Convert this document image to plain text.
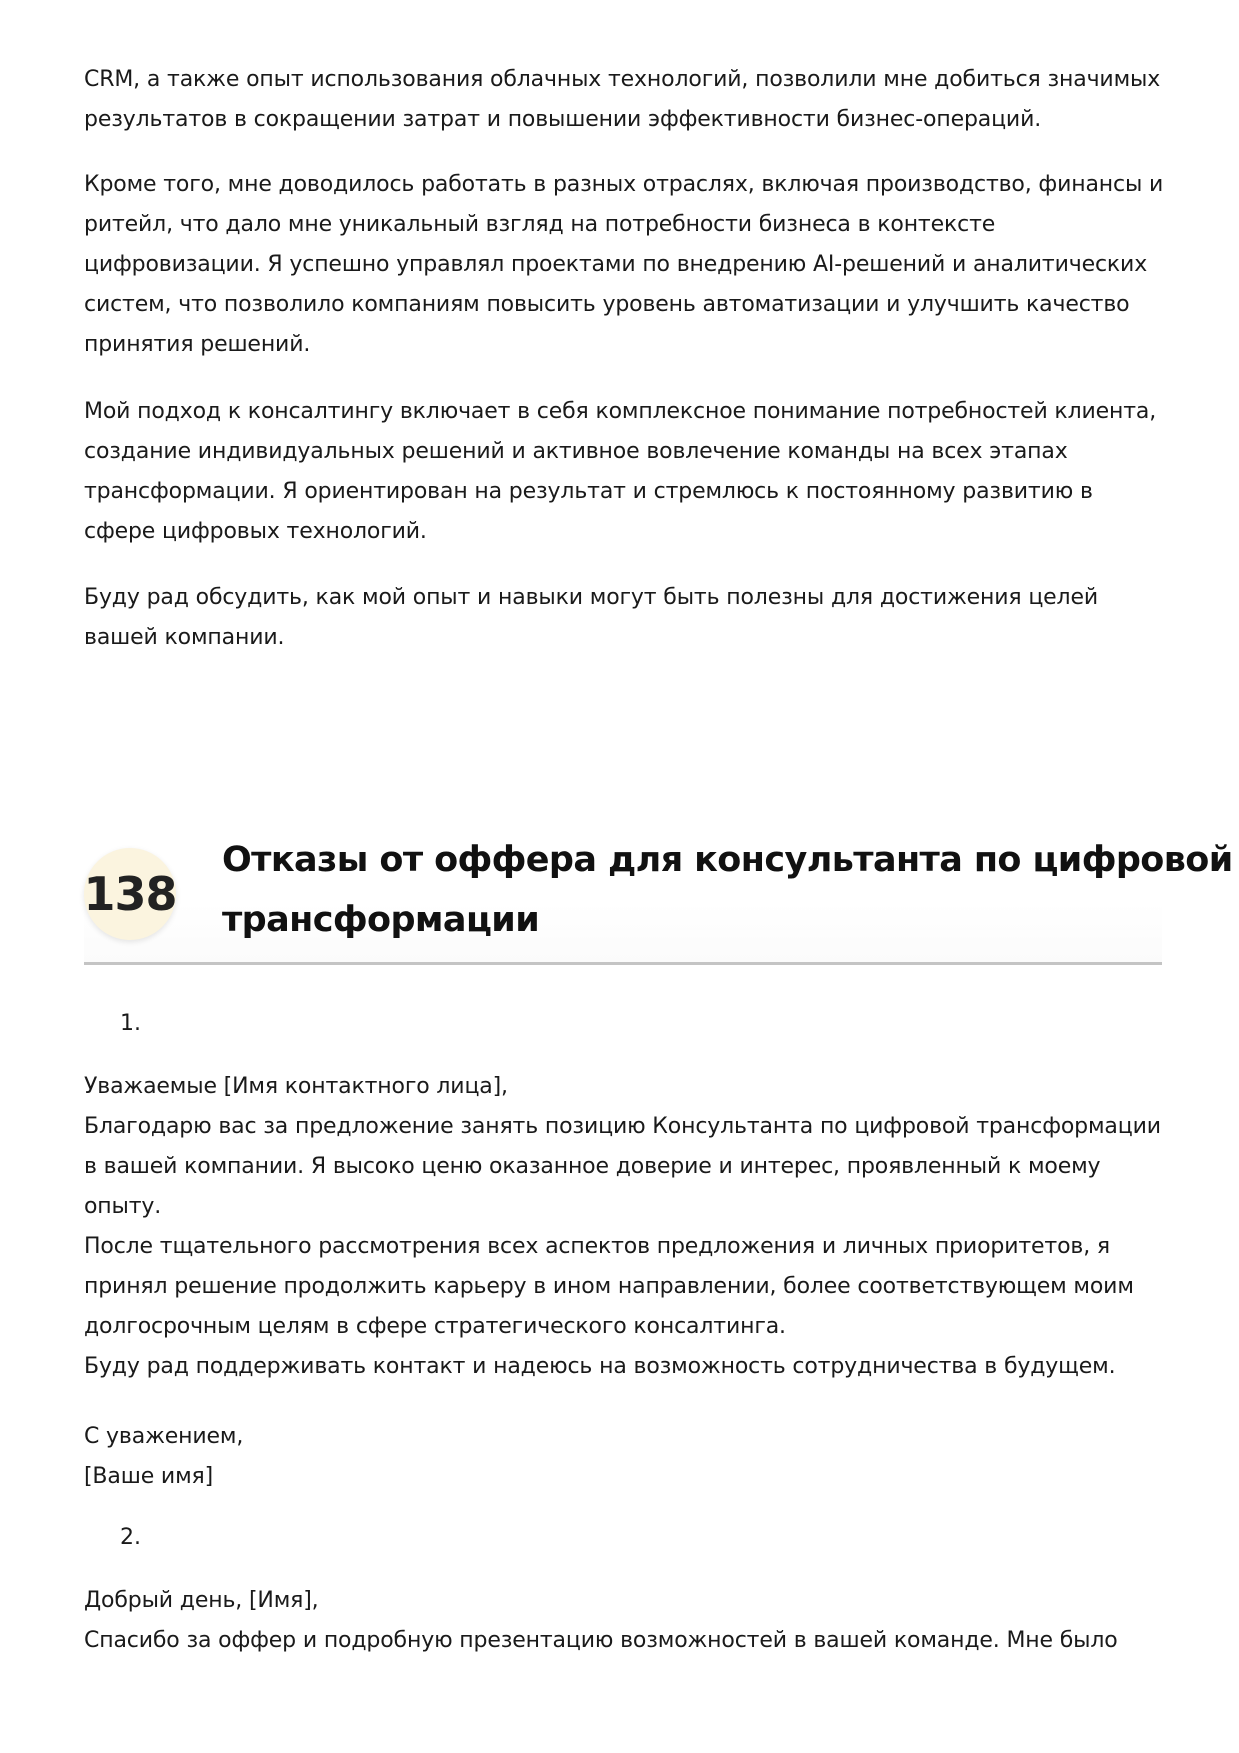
CRM, а также опыт использования облачных технологий, позволили мне добиться значимых
результатов в сокращении затрат и повышении эффективности бизнес-операций.

Кроме того, мне доводилось работать в разных отраслях, включая производство, финансы и
ритейл, что дало мне уникальный взгляд на потребности бизнеса в контексте
цифровизации. Я успешно управлял проектами по внедрению AI-решений и аналитических
систем, что позволило компаниям повысить уровень автоматизации и улучшить качество
принятия решений.

Мой подход к консалтингу включает в себя комплексное понимание потребностей клиента,
создание индивидуальных решений и активное вовлечение команды на всех этапах
трансформации. Я ориентирован на результат и стремлюсь к постоянному развитию в
сфере цифровых технологий.

Буду рад обсудить, как мой опыт и навыки могут быть полезны для достижения целей
вашей компании.

138
Отказы от оффера для консультанта по цифровой
трансформации
1.

Уважаемые [Имя контактного лица],
Благодарю вас за предложение занять позицию Консультанта по цифровой трансформации
в вашей компании. Я высоко ценю оказанное доверие и интерес, проявленный к моему
опыту.
После тщательного рассмотрения всех аспектов предложения и личных приоритетов, я
принял решение продолжить карьеру в ином направлении, более соответствующем моим
долгосрочным целям в сфере стратегического консалтинга.
Буду рад поддерживать контакт и надеюсь на возможность сотрудничества в будущем.

С уважением,
[Ваше имя]

2.

Добрый день, [Имя],
Спасибо за оффер и подробную презентацию возможностей в вашей команде. Мне было
